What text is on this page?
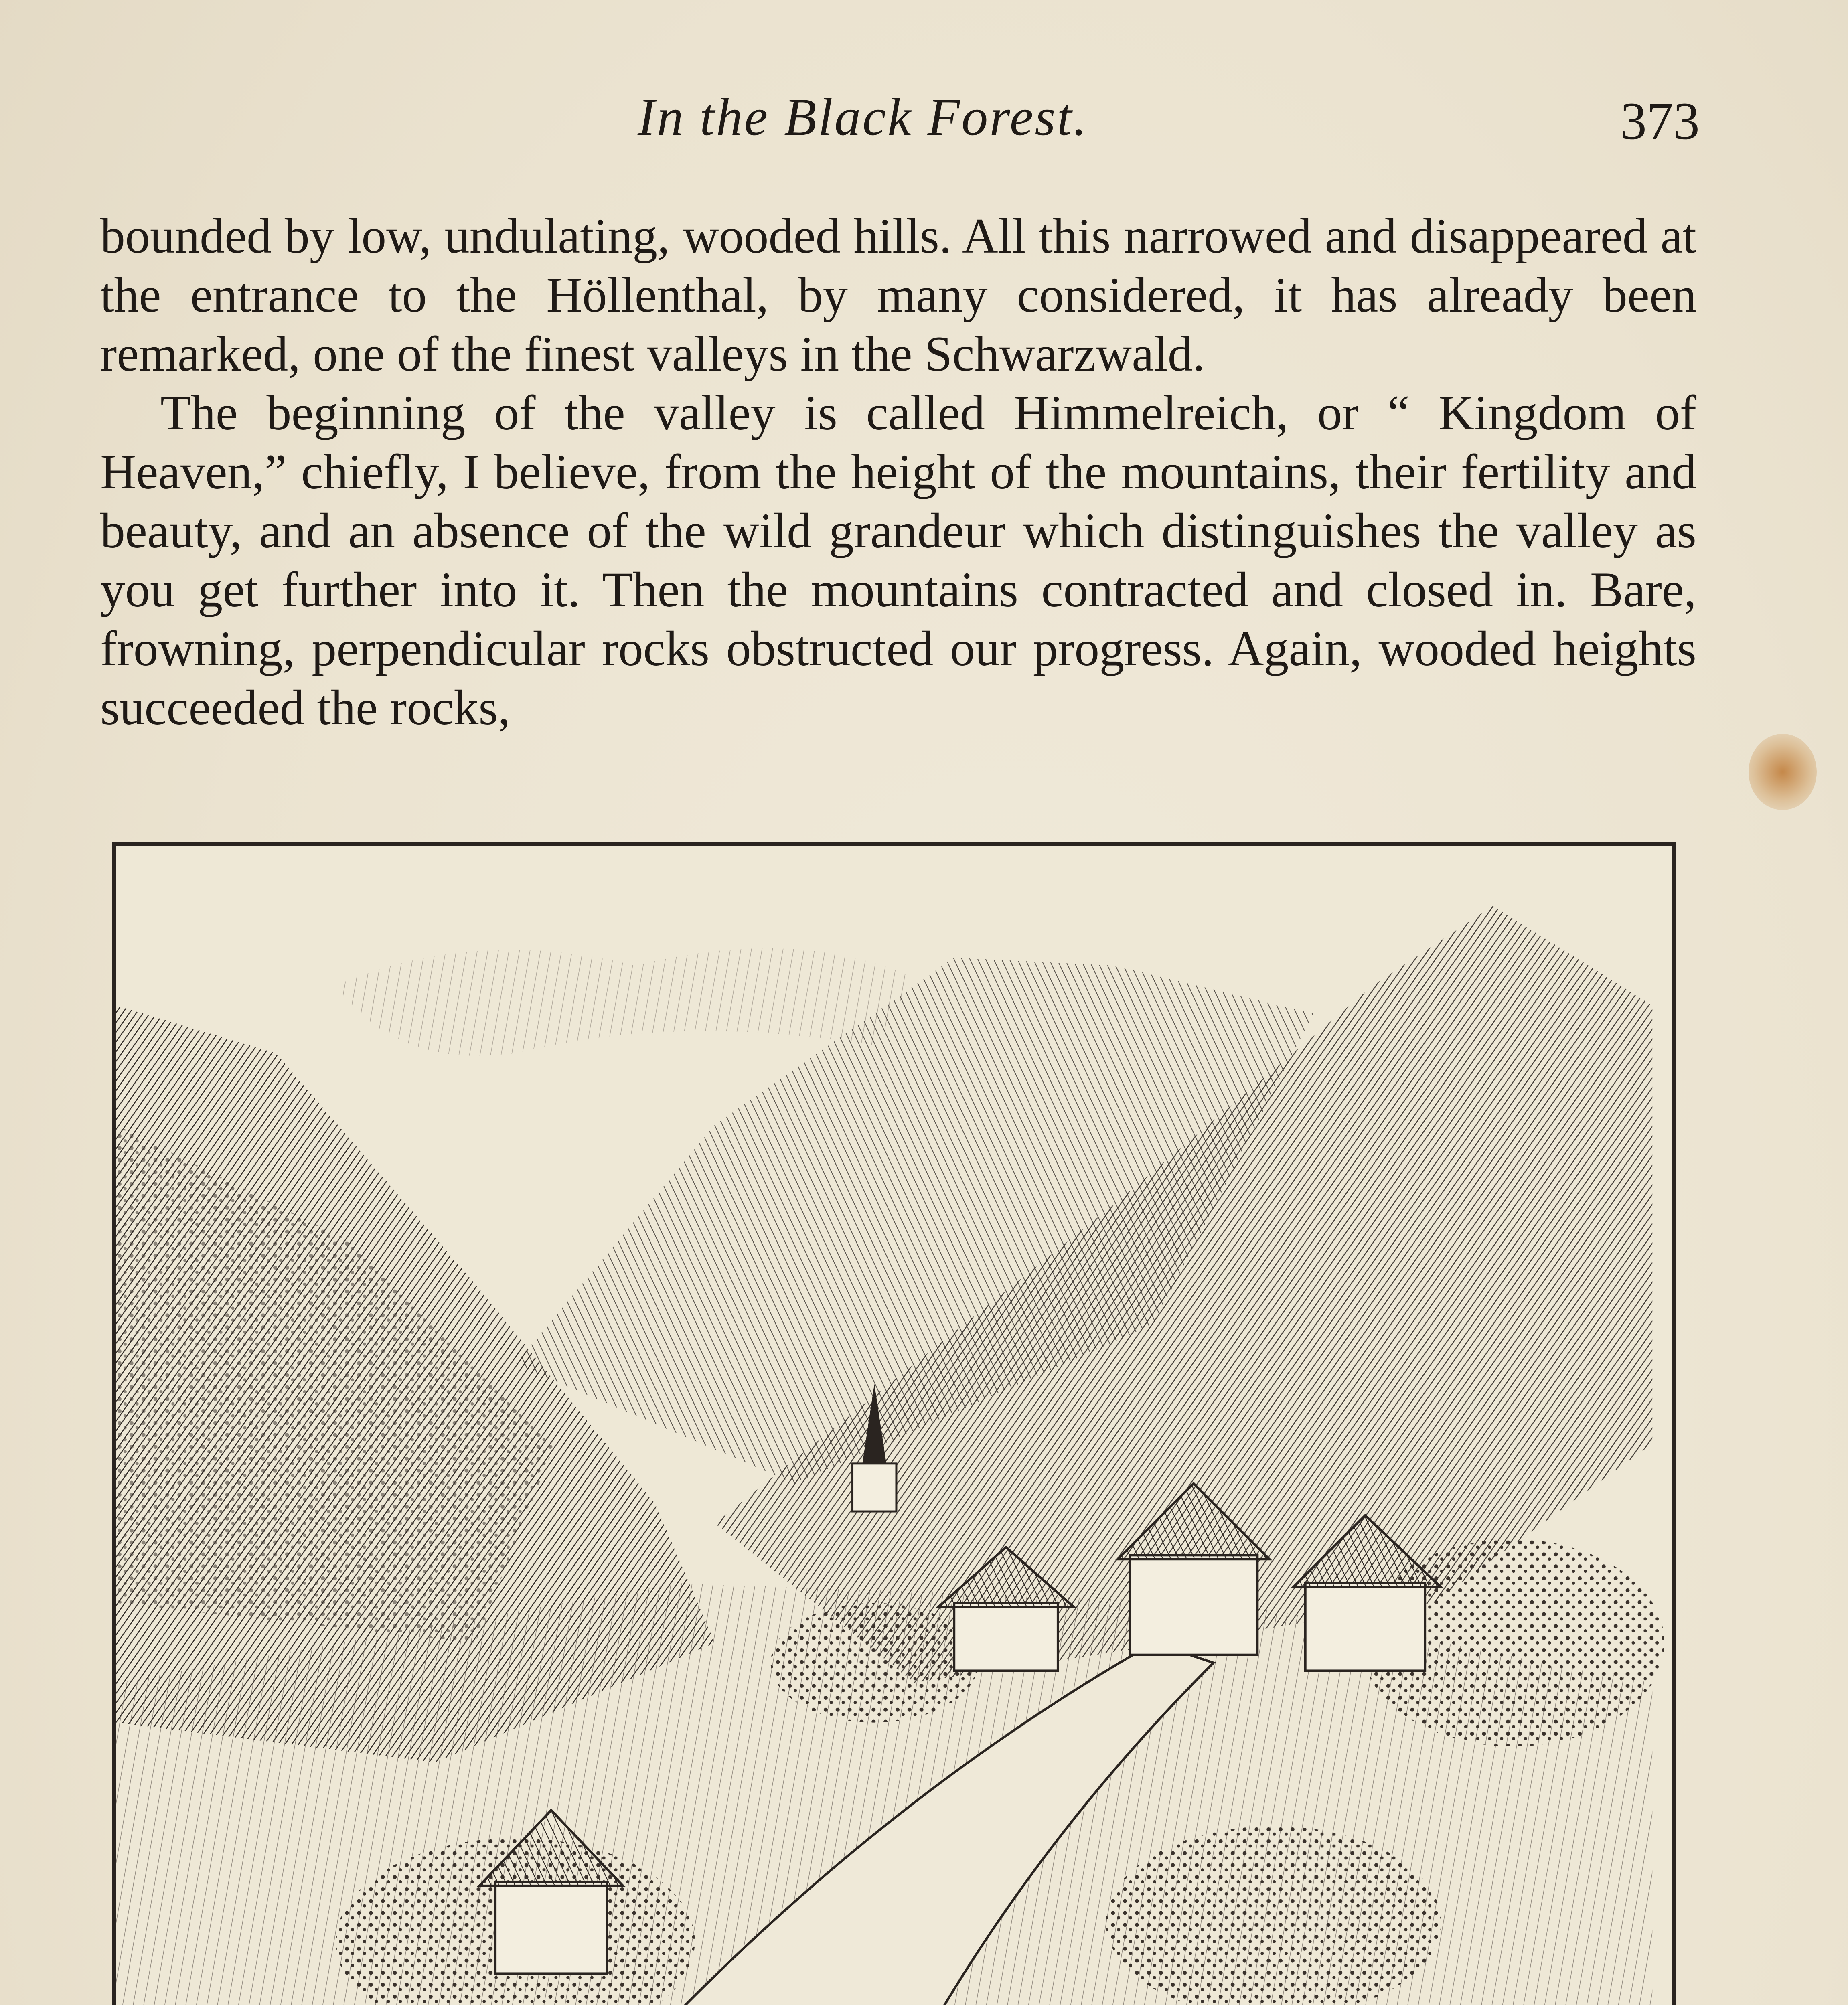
In the Black Forest.	373

bounded by low, undulating, wooded hills. All this narrowed and disappeared at the entrance to the Höllenthal, by many considered, it has already been remarked, one of the finest valleys in the Schwarzwald.

The beginning of the valley is called Himmelreich, or “ Kingdom of Heaven,” chiefly, I believe, from the height of the mountains, their fertility and beauty, and an absence of the wild grandeur which distinguishes the valley as you get further into it. Then the mountains contracted and closed in. Bare, frowning, perpendicular rocks obstructed our progress. Again, wooded heights succeeded the rocks,
